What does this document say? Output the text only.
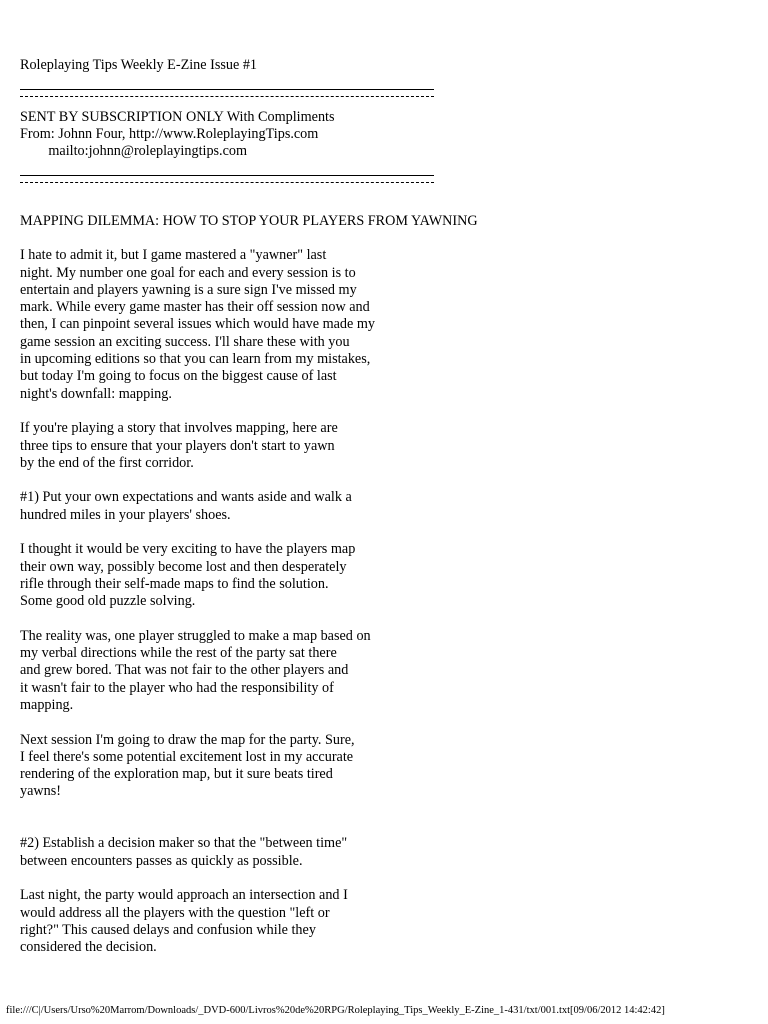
Roleplaying Tips Weekly E-Zine Issue #1
SENT BY SUBSCRIPTION ONLY With Compliments
From: Johnn Four, http://www.RoleplayingTips.com
mailto:johnn@roleplayingtips.com
MAPPING DILEMMA: HOW TO STOP YOUR PLAYERS FROM YAWNING
I hate to admit it, but I game mastered a "yawner" last
night. My number one goal for each and every session is to
entertain and players yawning is a sure sign I've missed my
mark. While every game master has their off session now and
then, I can pinpoint several issues which would have made my
game session an exciting success. I'll share these with you
in upcoming editions so that you can learn from my mistakes,
but today I'm going to focus on the biggest cause of last
night's downfall: mapping.
If you're playing a story that involves mapping, here are
three tips to ensure that your players don't start to yawn
by the end of the first corridor.
#1) Put your own expectations and wants aside and walk a
hundred miles in your players' shoes.
I thought it would be very exciting to have the players map
their own way, possibly become lost and then desperately
rifle through their self-made maps to find the solution.
Some good old puzzle solving.
The reality was, one player struggled to make a map based on
my verbal directions while the rest of the party sat there
and grew bored. That was not fair to the other players and
it wasn't fair to the player who had the responsibility of
mapping.
Next session I'm going to draw the map for the party. Sure,
I feel there's some potential excitement lost in my accurate
rendering of the exploration map, but it sure beats tired
yawns!
#2) Establish a decision maker so that the "between time"
between encounters passes as quickly as possible.
Last night, the party would approach an intersection and I
would address all the players with the question "left or
right?" This caused delays and confusion while they
considered the decision.
file:///C|/Users/Urso%20Marrom/Downloads/_DVD-600/Livros%20de%20RPG/Roleplaying_Tips_Weekly_E-Zine_1-431/txt/001.txt[09/06/2012 14:42:42]
